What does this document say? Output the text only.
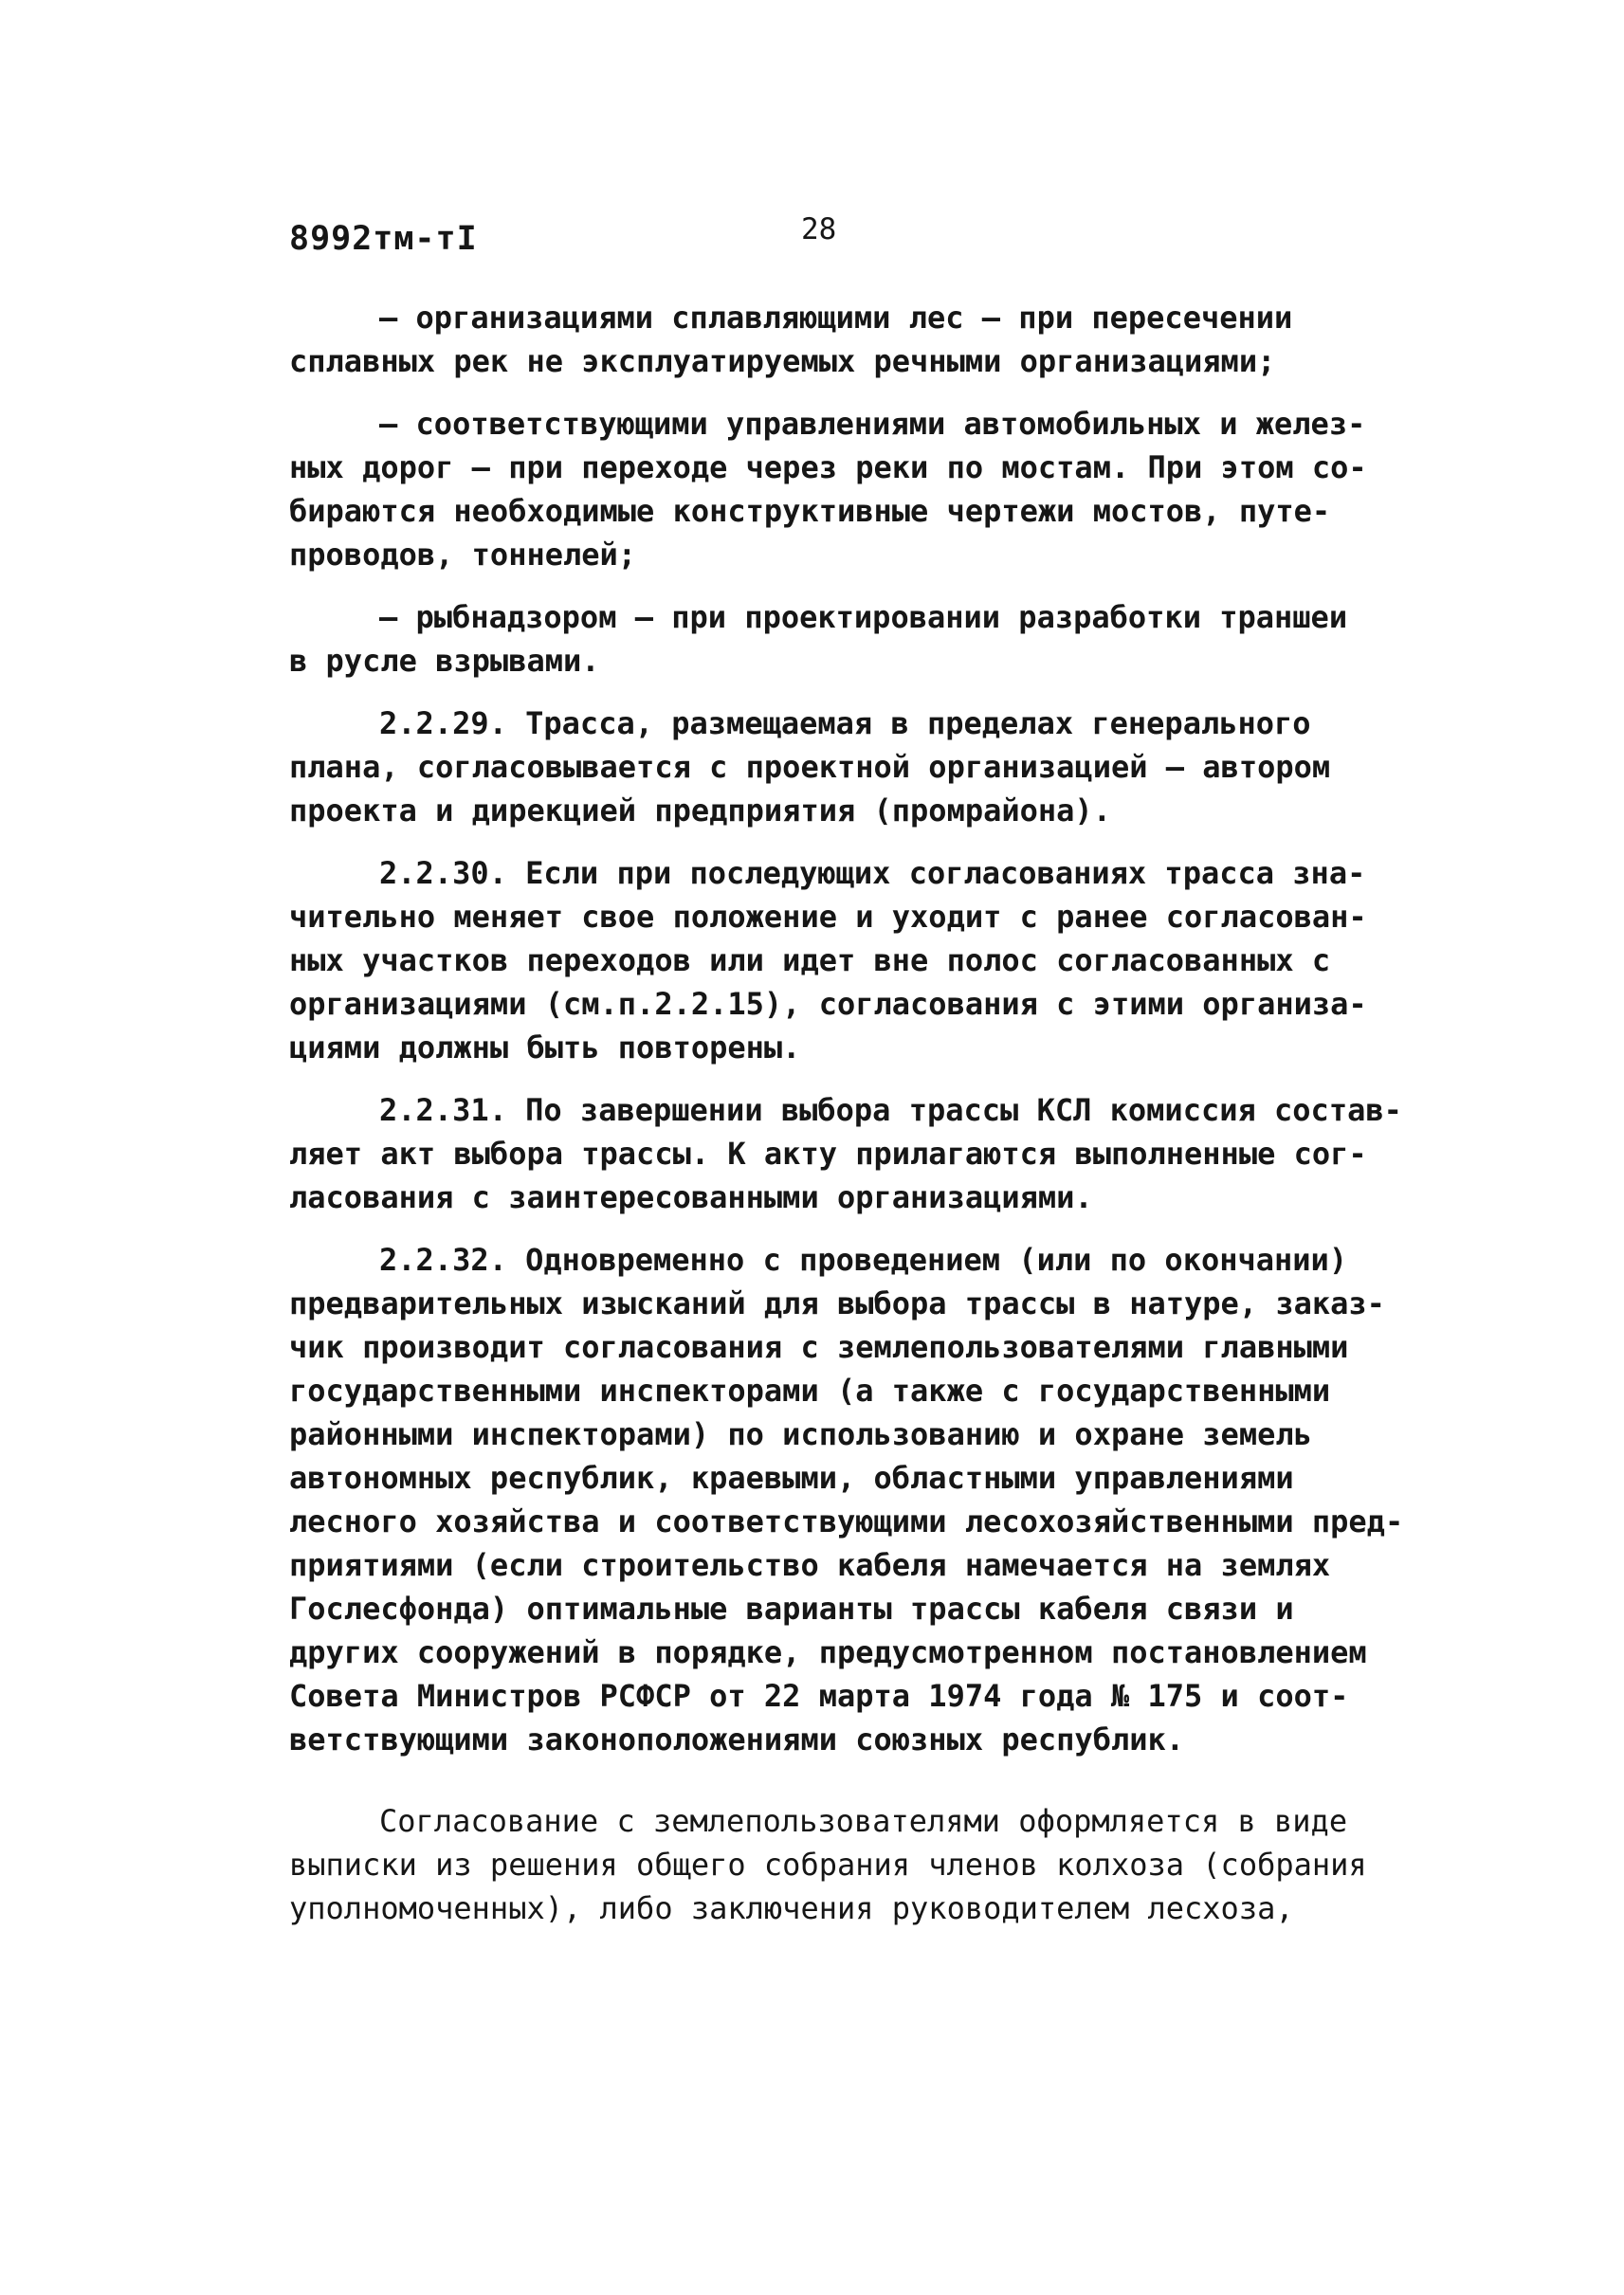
8992тм-тI	28
– организациями сплавляющими лес – при пересечении
сплавных рек не эксплуатируемых речными организациями;
– соответствующими управлениями автомобильных и желез-
ных дорог – при переходе через реки по мостам. При этом со-
бираются необходимые конструктивные чертежи мостов, путе-
проводов, тоннелей;
– рыбнадзором – при проектировании разработки траншеи
в русле взрывами.
2.2.29. Трасса, размещаемая в пределах генерального
плана, согласовывается с проектной организацией – автором
проекта и дирекцией предприятия (промрайона).
2.2.30. Если при последующих согласованиях трасса зна-
чительно меняет свое положение и уходит с ранее согласован-
ных участков переходов или идет вне полос согласованных с
организациями (см.п.2.2.15), согласования с этими организа-
циями должны быть повторены.
2.2.31. По завершении выбора трассы КСЛ комиссия состав-
ляет акт выбора трассы. К акту прилагаются выполненные сог-
ласования с заинтересованными организациями.
2.2.32. Одновременно с проведением (или по окончании)
предварительных изысканий для выбора трассы в натуре, заказ-
чик производит согласования с землепользователями главными
государственными инспекторами (а также с государственными
районными инспекторами) по использованию и охране земель
автономных республик, краевыми, областными управлениями
лесного хозяйства и соответствующими лесохозяйственными пред-
приятиями (если строительство кабеля намечается на землях
Гослесфонда) оптимальные варианты трассы кабеля связи и
других сооружений в порядке, предусмотренном постановлением
Совета Министров РСФСР от 22 марта 1974 года № 175 и соот-
ветствующими законоположениями союзных республик.
Согласование с землепользователями оформляется в виде
выписки из решения общего собрания членов колхоза (собрания
уполномоченных), либо заключения руководителем лесхоза,
